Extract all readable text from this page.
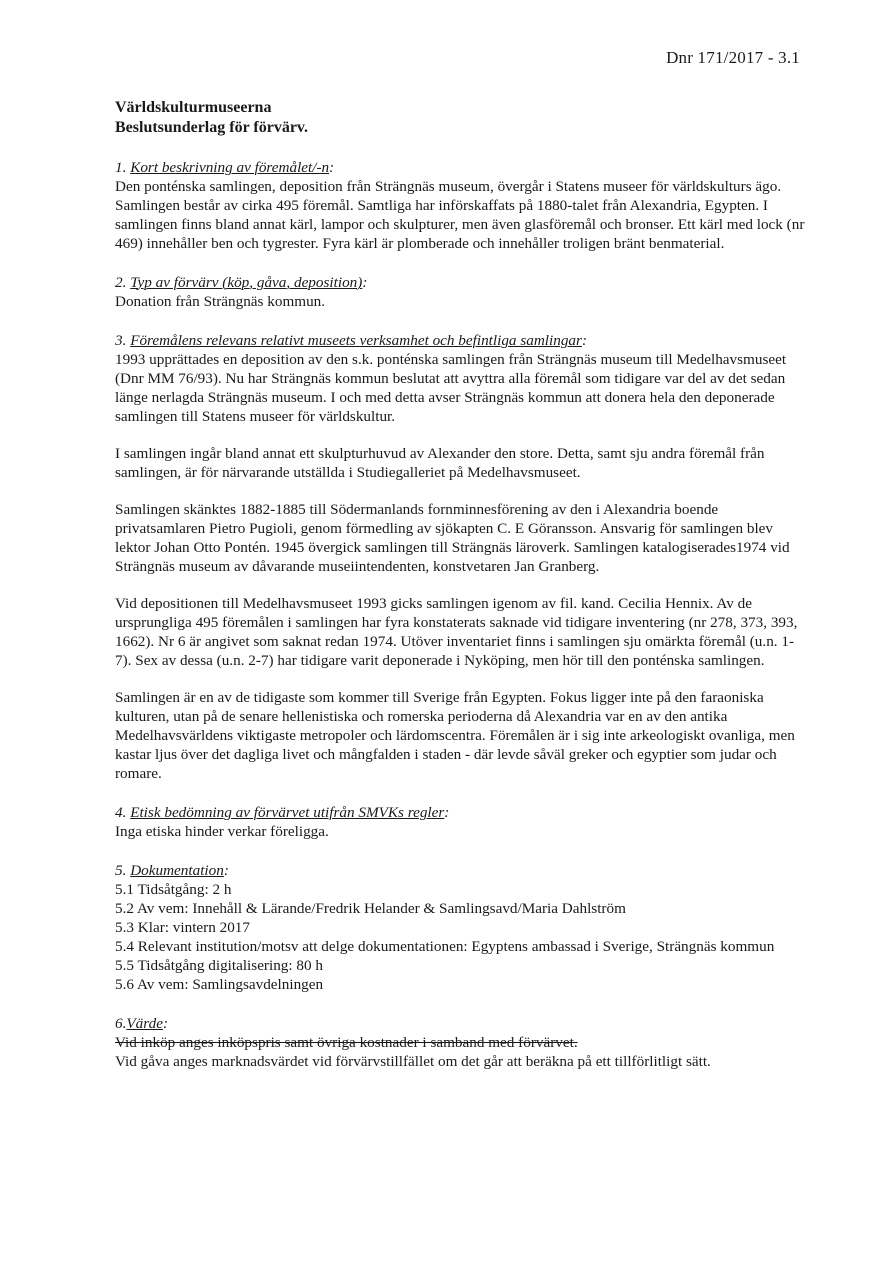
Dnr 171/2017 - 3.1
Världskulturmuseerna
Beslutsunderlag för förvärv.
1. Kort beskrivning av föremålet/-n:

Den ponténska samlingen, deposition från Strängnäs museum, övergår i Statens museer för världskulturs ägo. Samlingen består av cirka 495 föremål. Samtliga har införskaffats på 1880-talet från Alexandria, Egypten. I samlingen finns bland annat kärl, lampor och skulpturer, men även glasföremål och bronser. Ett kärl med lock (nr 469) innehåller ben och tygrester. Fyra kärl är plomberade och innehåller troligen bränt benmaterial.

2. Typ av förvärv (köp, gåva, deposition):

Donation från Strängnäs kommun.

3. Föremålens relevans relativt museets verksamhet och befintliga samlingar:

1993 upprättades en deposition av den s.k. ponténska samlingen från Strängnäs museum till Medelhavsmuseet (Dnr MM 76/93). Nu har Strängnäs kommun beslutat att avyttra alla föremål som tidigare var del av det sedan länge nerlagda Strängnäs museum. I och med detta avser Strängnäs kommun att donera hela den deponerade samlingen till Statens museer för världskultur.

I samlingen ingår bland annat ett skulpturhuvud av Alexander den store. Detta, samt sju andra föremål från samlingen, är för närvarande utställda i Studiegalleriet på Medelhavsmuseet.

Samlingen skänktes 1882-1885 till Södermanlands fornminnesförening av den i Alexandria boende privatsamlaren Pietro Pugioli, genom förmedling av sjökapten C. E Göransson. Ansvarig för samlingen blev lektor Johan Otto Pontén. 1945 övergick samlingen till Strängnäs läroverk. Samlingen katalogiserades1974 vid Strängnäs museum av dåvarande museiintendenten, konstvetaren Jan Granberg.

Vid depositionen till Medelhavsmuseet 1993 gicks samlingen igenom av fil. kand. Cecilia Hennix. Av de ursprungliga 495 föremålen i samlingen har fyra konstaterats saknade vid tidigare inventering (nr 278, 373, 393, 1662). Nr 6 är angivet som saknat redan 1974. Utöver inventariet finns i samlingen sju omärkta föremål (u.n. 1-7). Sex av dessa (u.n. 2-7) har tidigare varit deponerade i Nyköping, men hör till den ponténska samlingen.

Samlingen är en av de tidigaste som kommer till Sverige från Egypten. Fokus ligger inte på den faraoniska kulturen, utan på de senare hellenistiska och romerska perioderna då Alexandria var en av den antika Medelhavsvärldens viktigaste metropoler och lärdomscentra. Föremålen är i sig inte arkeologiskt ovanliga, men kastar ljus över det dagliga livet och mångfalden i staden - där levde såväl greker och egyptier som judar och romare.

4. Etisk bedömning av förvärvet utifrån SMVKs regler:

Inga etiska hinder verkar föreligga.

5. Dokumentation:

5.1 Tidsåtgång: 2 h

5.2 Av vem: Innehåll & Lärande/Fredrik Helander & Samlingsavd/Maria Dahlström

5.3 Klar: vintern 2017

5.4 Relevant institution/motsv att delge dokumentationen: Egyptens ambassad i Sverige, Strängnäs kommun

5.5 Tidsåtgång digitalisering: 80 h

5.6 Av vem: Samlingsavdelningen

6.Värde:

Vid inköp anges inköpspris samt övriga kostnader i samband med förvärvet.

Vid gåva anges marknadsvärdet vid förvärvstillfället om det går att beräkna på ett tillförlitligt sätt.
